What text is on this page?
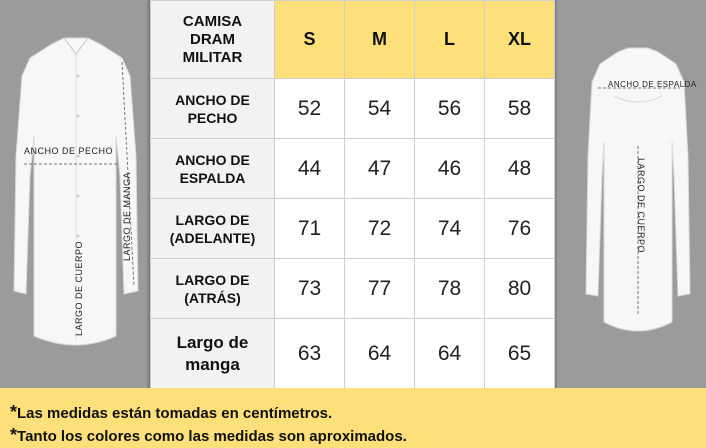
ANCHO DE PECHO
LARGO DE CUERPO
LARGO DE MANGA
ANCHO DE ESPALDA
LARGO DE CUERPO
CAMISA
DRAM
MILITAR	S	M	L	XL

ANCHO DE
PECHO	52	54	56	58

ANCHO DE
ESPALDA	44	47	46	48

LARGO DE
(ADELANTE)	71	72	74	76

LARGO DE
(ATRÁS)	73	77	78	80

Largo de
manga	63	64	64	65
*Las medidas están tomadas en centímetros.
*Tanto los colores como las medidas son aproximados.
